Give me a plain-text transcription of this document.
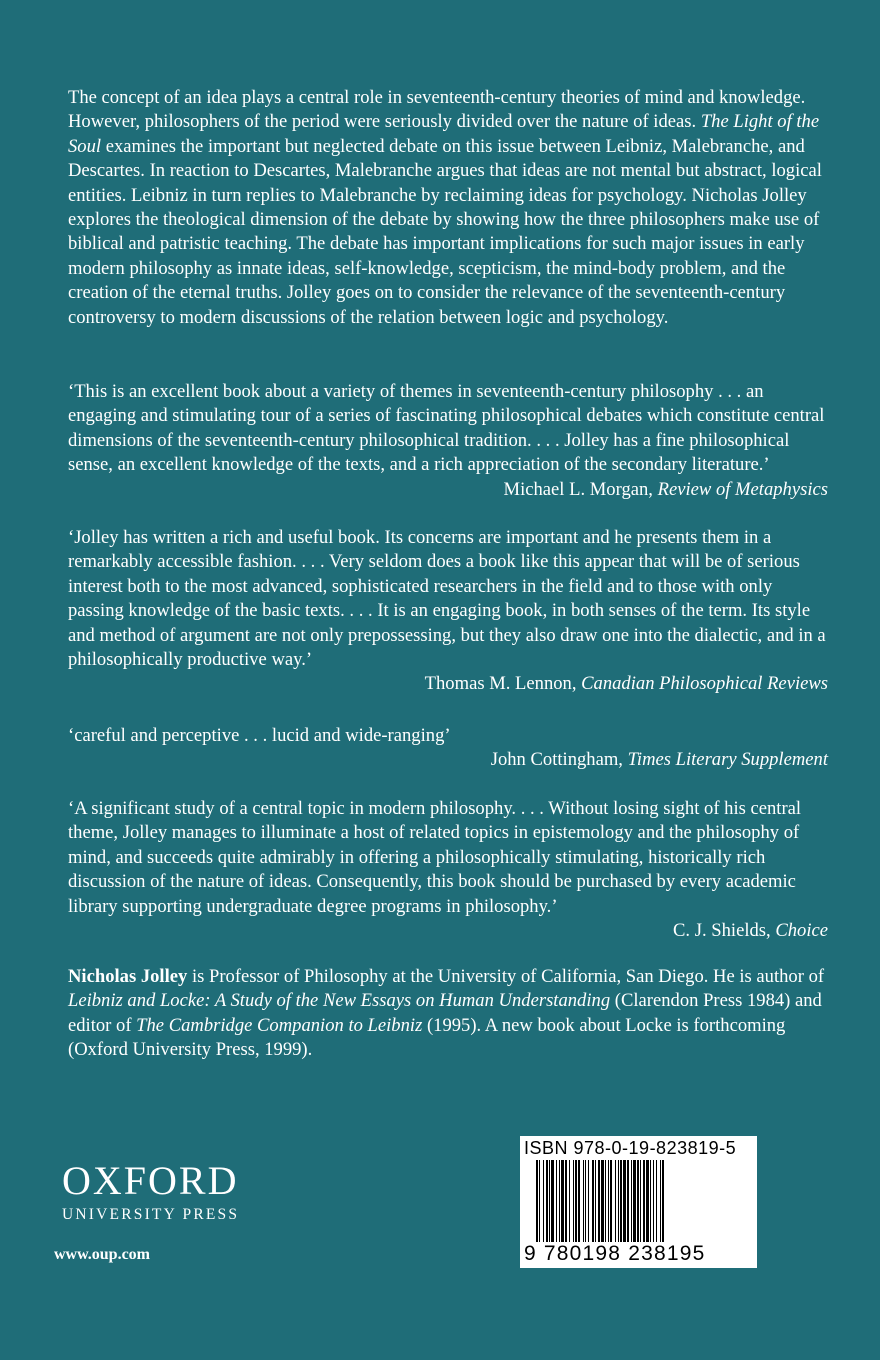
The concept of an idea plays a central role in seventeenth-century theories of mind and knowledge. However, philosophers of the period were seriously divided over the nature of ideas. The Light of the Soul examines the important but neglected debate on this issue between Leibniz, Malebranche, and Descartes. In reaction to Descartes, Malebranche argues that ideas are not mental but abstract, logical entities. Leibniz in turn replies to Malebranche by reclaiming ideas for psychology. Nicholas Jolley explores the theological dimension of the debate by showing how the three philosophers make use of biblical and patristic teaching. The debate has important implications for such major issues in early modern philosophy as innate ideas, self-knowledge, scepticism, the mind-body problem, and the creation of the eternal truths. Jolley goes on to consider the relevance of the seventeenth-century controversy to modern discussions of the relation between logic and psychology.

‘This is an excellent book about a variety of themes in seventeenth-century philosophy . . . an engaging and stimulating tour of a series of fascinating philosophical debates which constitute central dimensions of the seventeenth-century philosophical tradition. . . . Jolley has a fine philosophical sense, an excellent knowledge of the texts, and a rich appreciation of the secondary literature.’
Michael L. Morgan, Review of Metaphysics

‘Jolley has written a rich and useful book. Its concerns are important and he presents them in a remarkably accessible fashion. . . . Very seldom does a book like this appear that will be of serious interest both to the most advanced, sophisticated researchers in the field and to those with only passing knowledge of the basic texts. . . . It is an engaging book, in both senses of the term. Its style and method of argument are not only prepossessing, but they also draw one into the dialectic, and in a philosophically productive way.’

Thomas M. Lennon, Canadian Philosophical Reviews

‘careful and perceptive . . . lucid and wide-ranging’

John Cottingham, Times Literary Supplement

‘A significant study of a central topic in modern philosophy. . . . Without losing sight of his central theme, Jolley manages to illuminate a host of related topics in epistemology and the philosophy of mind, and succeeds quite admirably in offering a philosophically stimulating, historically rich discussion of the nature of ideas. Consequently, this book should be purchased by every academic library supporting undergraduate degree programs in philosophy.’

C. J. Shields, Choice

Nicholas Jolley is Professor of Philosophy at the University of California, San Diego. He is author of Leibniz and Locke: A Study of the New Essays on Human Understanding (Clarendon Press 1984) and editor of The Cambridge Companion to Leibniz (1995). A new book about Locke is forthcoming (Oxford University Press, 1999).

OXFORD
UNIVERSITY PRESS
www.oup.com
ISBN 978-0-19-823819-5
9 780198 238195
